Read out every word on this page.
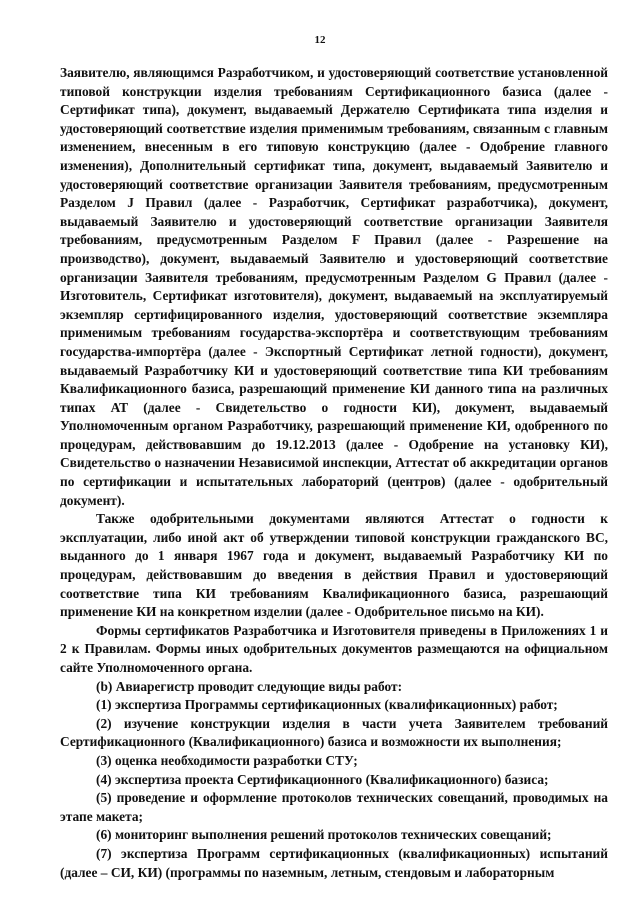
12

Заявителю, являющимся Разработчиком, и удостоверяющий соответствие установленной типовой конструкции изделия требованиям Сертификационного базиса (далее - Сертификат типа), документ, выдаваемый Держателю Сертификата типа изделия и удостоверяющий соответствие изделия применимым требованиям, связанным с главным изменением, внесенным в его типовую конструкцию (далее - Одобрение главного изменения), Дополнительный сертификат типа, документ, выдаваемый Заявителю и удостоверяющий соответствие организации Заявителя требованиям, предусмотренным Разделом J Правил (далее - Разработчик, Сертификат разработчика), документ, выдаваемый Заявителю и удостоверяющий соответствие организации Заявителя требованиям, предусмотренным Разделом F Правил (далее - Разрешение на производство), документ, выдаваемый Заявителю и удостоверяющий соответствие организации Заявителя требованиям, предусмотренным Разделом G Правил (далее - Изготовитель, Сертификат изготовителя), документ, выдаваемый на эксплуатируемый экземпляр сертифицированного изделия, удостоверяющий соответствие экземпляра применимым требованиям государства-экспортёра и соответствующим требованиям государства-импортёра (далее - Экспортный Сертификат летной годности), документ, выдаваемый Разработчику КИ и удостоверяющий соответствие типа КИ требованиям Квалификационного базиса, разрешающий применение КИ данного типа на различных типах АТ (далее - Свидетельство о годности КИ), документ, выдаваемый Уполномоченным органом Разработчику, разрешающий применение КИ, одобренного по процедурам, действовавшим до 19.12.2013 (далее - Одобрение на установку КИ), Свидетельство о назначении Независимой инспекции, Аттестат об аккредитации органов по сертификации и испытательных лабораторий (центров) (далее - одобрительный документ).

Также одобрительными документами являются Аттестат о годности к эксплуатации, либо иной акт об утверждении типовой конструкции гражданского ВС, выданного до 1 января 1967 года и документ, выдаваемый Разработчику КИ по процедурам, действовавшим до введения в действия Правил и удостоверяющий соответствие типа КИ требованиям Квалификационного базиса, разрешающий применение КИ на конкретном изделии (далее - Одобрительное письмо на КИ).

Формы сертификатов Разработчика и Изготовителя приведены в Приложениях 1 и 2 к Правилам. Формы иных одобрительных документов размещаются на официальном сайте Уполномоченного органа.

(b) Авиарегистр проводит следующие виды работ:

(1) экспертиза Программы сертификационных (квалификационных) работ;

(2) изучение конструкции изделия в части учета Заявителем требований Сертификационного (Квалификационного) базиса и возможности их выполнения;

(3) оценка необходимости разработки СТУ;

(4) экспертиза проекта Сертификационного (Квалификационного) базиса;

(5) проведение и оформление протоколов технических совещаний, проводимых на этапе макета;

(6) мониторинг выполнения решений протоколов технических совещаний;

(7) экспертиза Программ сертификационных (квалификационных) испытаний (далее – СИ, КИ) (программы по наземным, летным, стендовым и лабораторным
